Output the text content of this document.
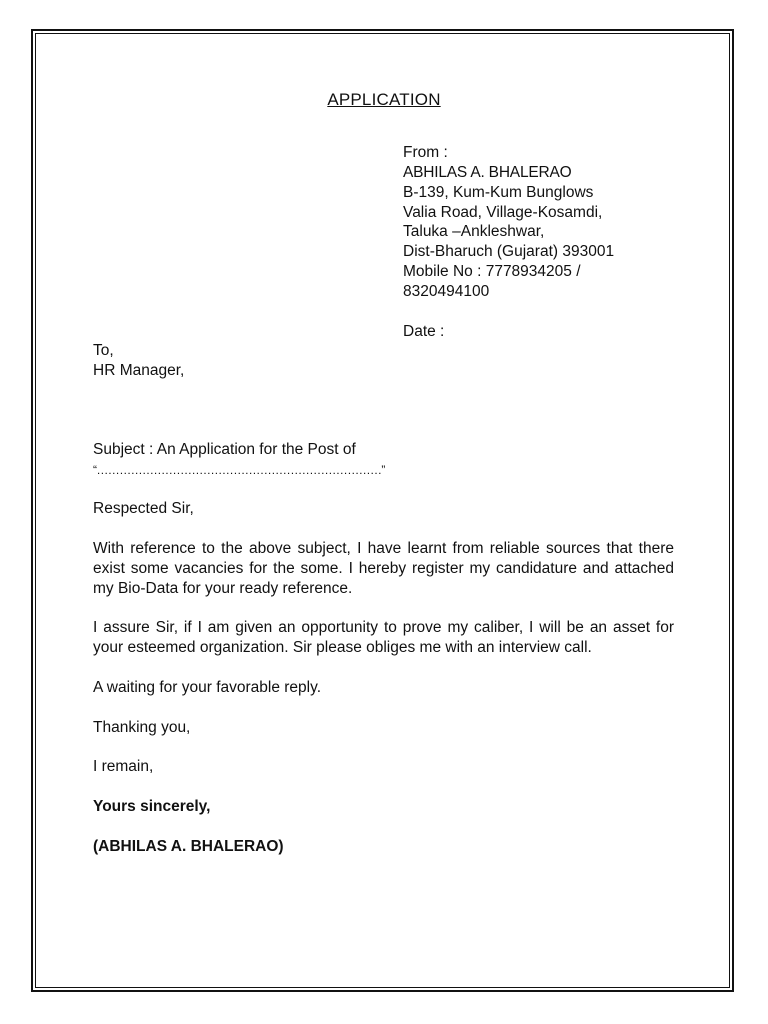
APPLICATION
From :
ABHILAS A. BHALERAO
B-139, Kum-Kum Bunglows
Valia Road, Village-Kosamdi,
Taluka –Ankleshwar,
Dist-Bharuch (Gujarat) 393001
Mobile No : 7778934205 /
8320494100
Date :
To,
HR Manager,
Subject : An Application for the Post of
“…………………………………………………………………”
Respected Sir,
With reference to the above subject, I have learnt from reliable sources that there exist some vacancies for the some. I hereby register my candidature and attached my Bio-Data for your ready reference.
I assure Sir, if I am given an opportunity to prove my caliber, I will be an asset for your esteemed organization. Sir please obliges me with an interview call.
A waiting for your favorable reply.
Thanking you,
I remain,
Yours sincerely,
(ABHILAS A. BHALERAO)
